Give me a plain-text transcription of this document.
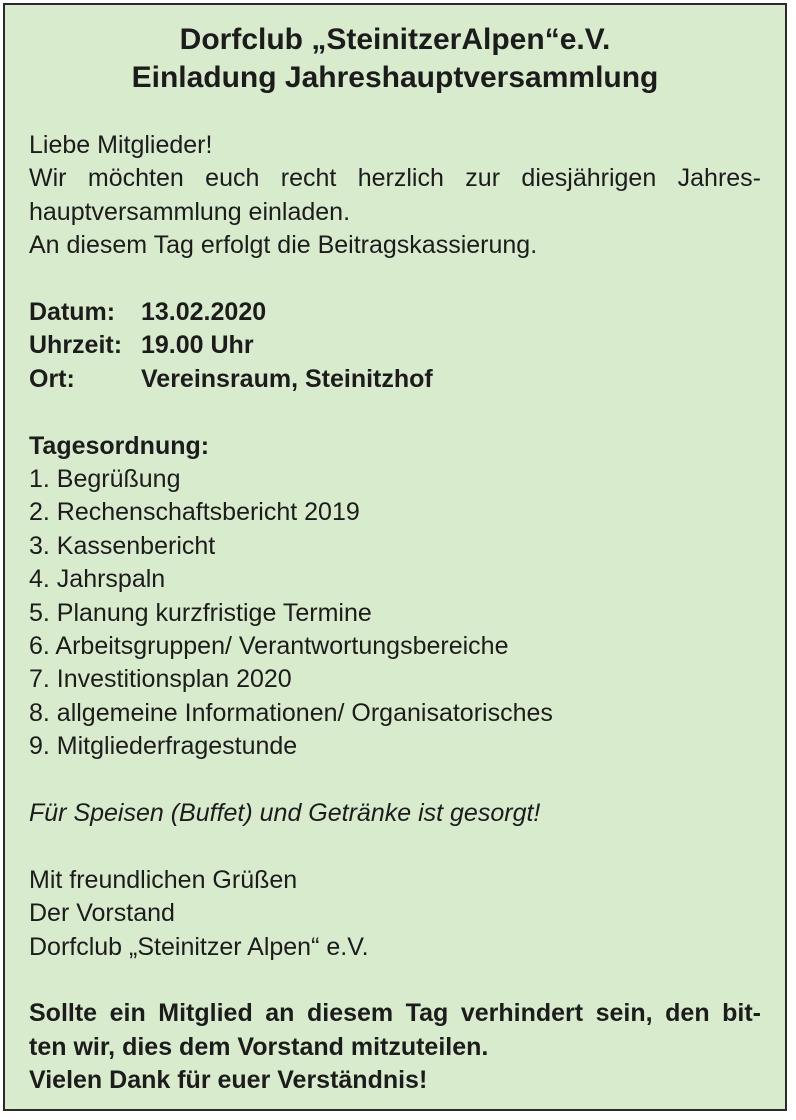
Dorfclub „SteinitzerAlpen“e.V.
Einladung Jahreshauptversammlung
Liebe Mitglieder!
Wir möchten euch recht herzlich zur diesjährigen Jahres-
hauptversammlung einladen.
An diesem Tag erfolgt die Beitragskassierung.
Datum:	13.02.2020
Uhrzeit: 19.00 Uhr
Ort:	Vereinsraum, Steinitzhof
Tagesordnung:
1. Begrüßung
2. Rechenschaftsbericht 2019
3. Kassenbericht
4. Jahrspaln
5. Planung kurzfristige Termine
6. Arbeitsgruppen/ Verantwortungsbereiche
7. Investitionsplan 2020
8. allgemeine Informationen/ Organisatorisches
9. Mitgliederfragestunde
Für Speisen (Buffet) und Getränke ist gesorgt!
Mit freundlichen Grüßen
Der Vorstand
Dorfclub „Steinitzer Alpen“ e.V.
Sollte ein Mitglied an diesem Tag verhindert sein, den bit-
ten wir, dies dem Vorstand mitzuteilen.
Vielen Dank für euer Verständnis!
